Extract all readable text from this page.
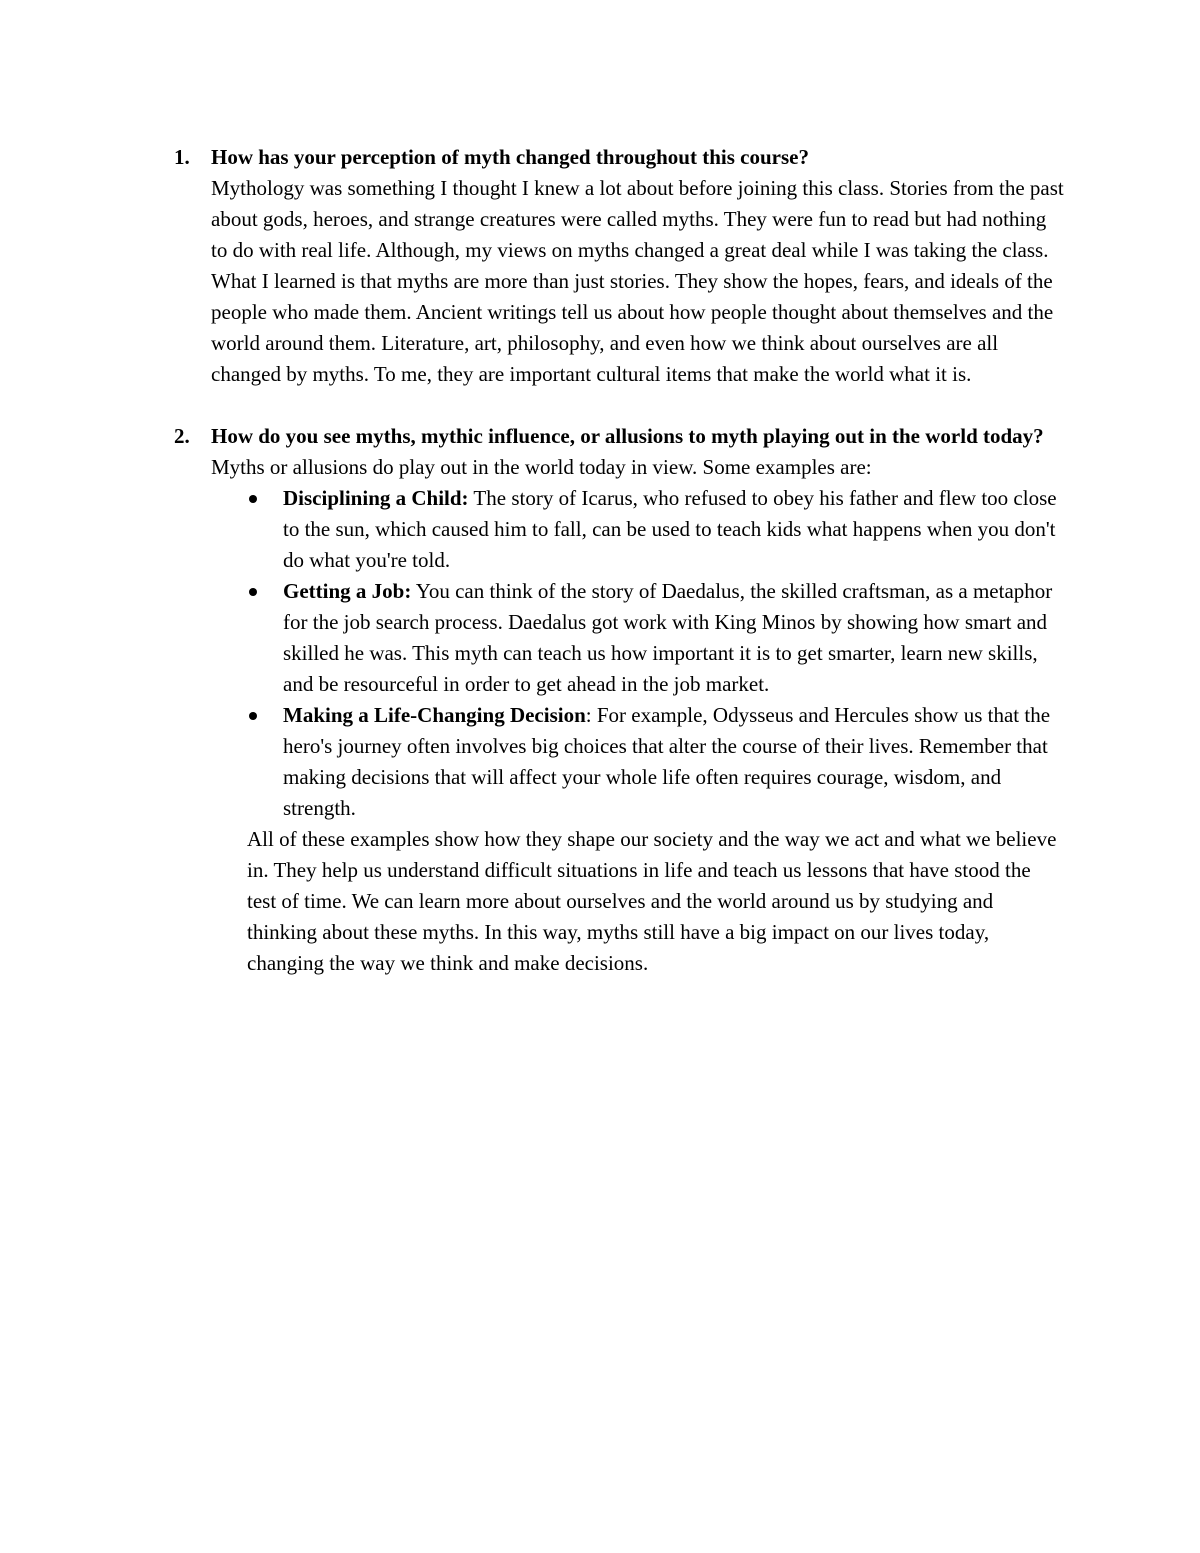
1. How has your perception of myth changed throughout this course?

Mythology was something I thought I knew a lot about before joining this class. Stories from the past about gods, heroes, and strange creatures were called myths. They were fun to read but had nothing to do with real life. Although, my views on myths changed a great deal while I was taking the class. What I learned is that myths are more than just stories. They show the hopes, fears, and ideals of the people who made them. Ancient writings tell us about how people thought about themselves and the world around them. Literature, art, philosophy, and even how we think about ourselves are all changed by myths. To me, they are important cultural items that make the world what it is.

2. How do you see myths, mythic influence, or allusions to myth playing out in the world today?

Myths or allusions do play out in the world today in view. Some examples are:

Disciplining a Child: The story of Icarus, who refused to obey his father and flew too close to the sun, which caused him to fall, can be used to teach kids what happens when you don't do what you're told.
Getting a Job: You can think of the story of Daedalus, the skilled craftsman, as a metaphor for the job search process. Daedalus got work with King Minos by showing how smart and skilled he was. This myth can teach us how important it is to get smarter, learn new skills, and be resourceful in order to get ahead in the job market.
Making a Life-Changing Decision: For example, Odysseus and Hercules show us that the hero's journey often involves big choices that alter the course of their lives. Remember that making decisions that will affect your whole life often requires courage, wisdom, and strength.

All of these examples show how they shape our society and the way we act and what we believe in. They help us understand difficult situations in life and teach us lessons that have stood the test of time. We can learn more about ourselves and the world around us by studying and thinking about these myths. In this way, myths still have a big impact on our lives today, changing the way we think and make decisions.
